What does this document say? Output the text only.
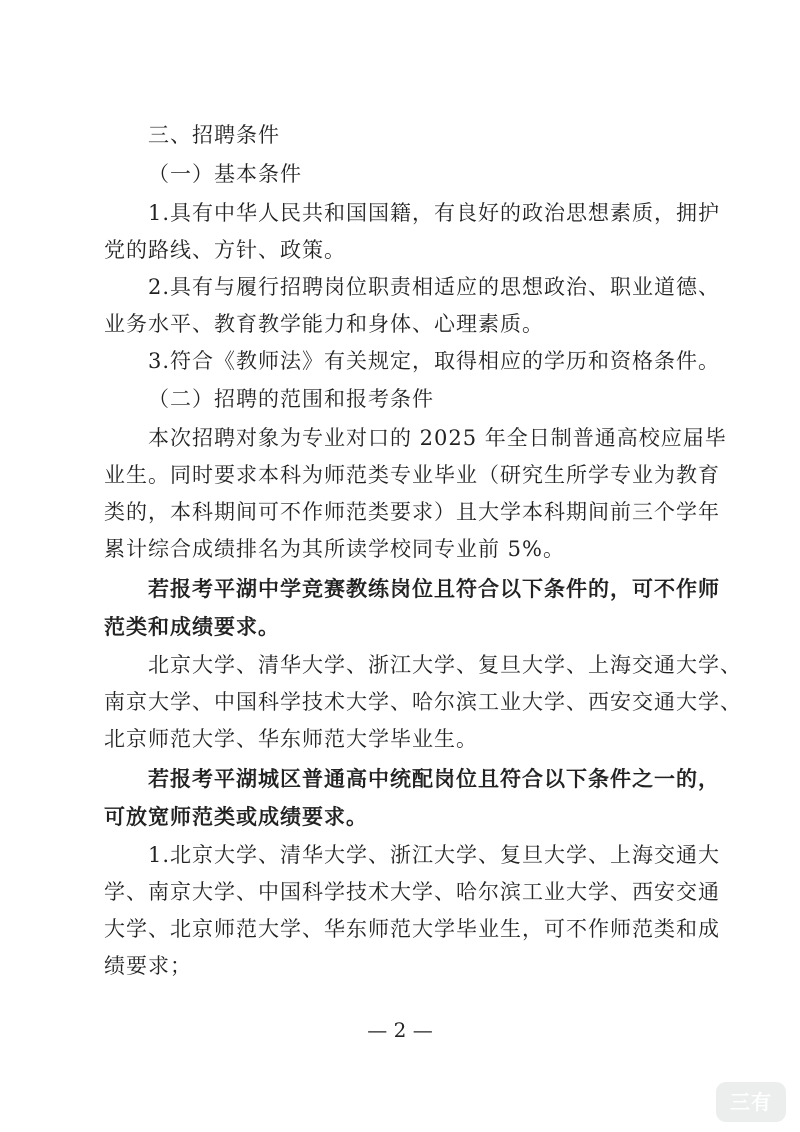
三、招聘条件
（一）基本条件
1.具有中华人民共和国国籍，有良好的政治思想素质，拥护
党的路线、方针、政策。
2.具有与履行招聘岗位职责相适应的思想政治、职业道德、
业务水平、教育教学能力和身体、心理素质。
3.符合《教师法》有关规定，取得相应的学历和资格条件。
（二）招聘的范围和报考条件
本次招聘对象为专业对口的 2025 年全日制普通高校应届毕
业生。同时要求本科为师范类专业毕业（研究生所学专业为教育
类的，本科期间可不作师范类要求）且大学本科期间前三个学年
累计综合成绩排名为其所读学校同专业前 5%。
若报考平湖中学竞赛教练岗位且符合以下条件的，可不作师
范类和成绩要求。
北京大学、清华大学、浙江大学、复旦大学、上海交通大学、
南京大学、中国科学技术大学、哈尔滨工业大学、西安交通大学、
北京师范大学、华东师范大学毕业生。
若报考平湖城区普通高中统配岗位且符合以下条件之一的，
可放宽师范类或成绩要求。
1.北京大学、清华大学、浙江大学、复旦大学、上海交通大
学、南京大学、中国科学技术大学、哈尔滨工业大学、西安交通
大学、北京师范大学、华东师范大学毕业生，可不作师范类和成
绩要求；
— 2 —
三有
